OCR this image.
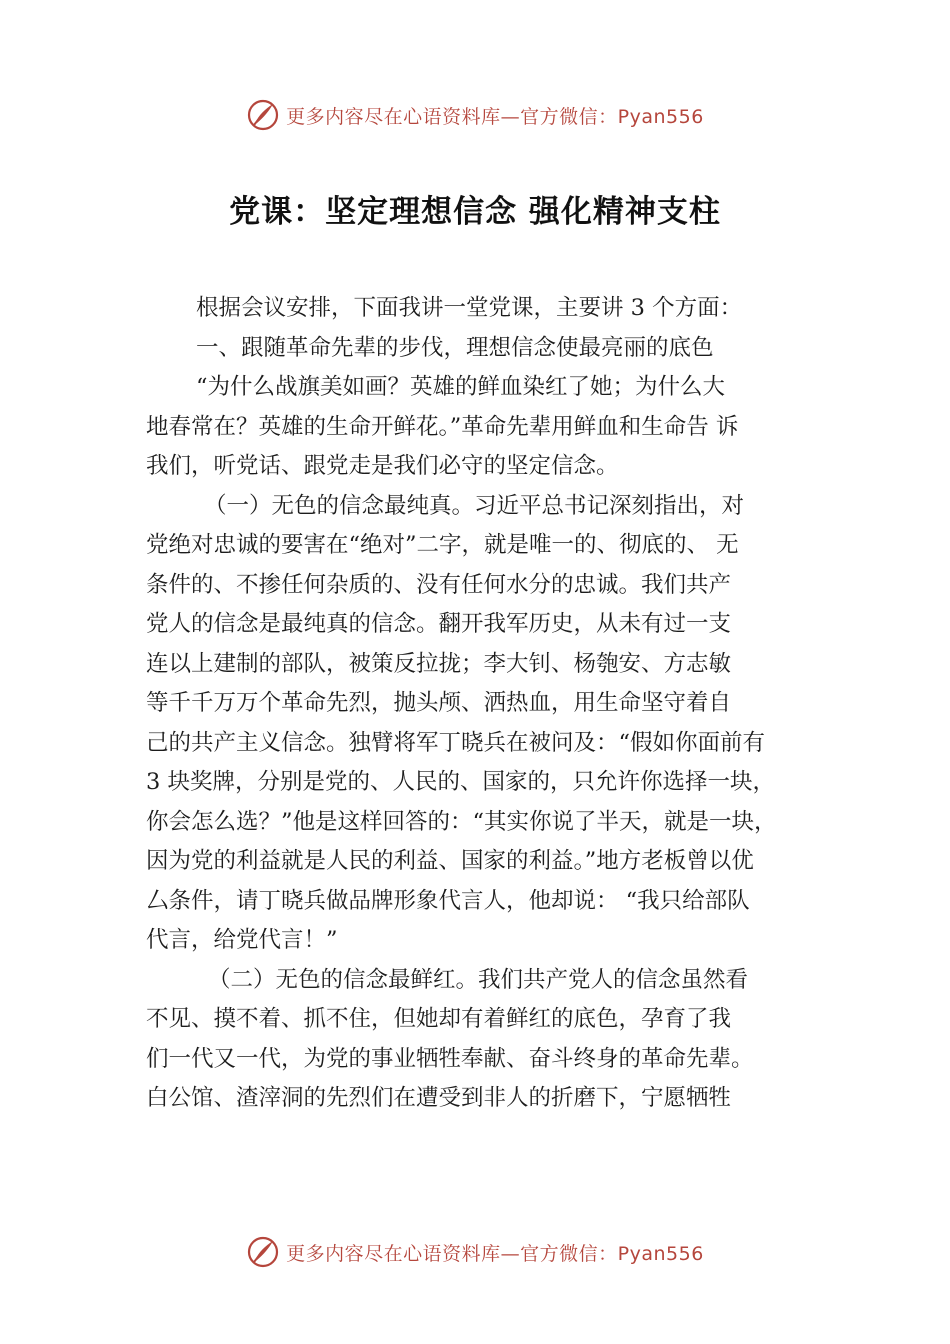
更多内容尽在心语资料库—官方微信：Pyan556
党课：坚定理想信念 强化精神支柱
根据会议安排，下面我讲一堂党课，主要讲 3 个方面：
一、跟随革命先辈的步伐，理想信念使最亮丽的底色
“为什么战旗美如画？英雄的鲜血染红了她；为什么大
地春常在？英雄的生命开鲜花。”革命先辈用鲜血和生命告 诉
我们，听党话、跟党走是我们必守的坚定信念。
（一）无色的信念最纯真。习近平总书记深刻指出，对
党绝对忠诚的要害在“绝对”二字，就是唯一的、彻底的、 无
条件的、不掺任何杂质的、没有任何水分的忠诚。我们共产
党人的信念是最纯真的信念。翻开我军历史，从未有过一支
连以上建制的部队，被策反拉拢；李大钊、杨匏安、方志敏
等千千万万个革命先烈，抛头颅、洒热血，用生命坚守着自
己的共产主义信念。独臂将军丁晓兵在被问及：“假如你面前有
3 块奖牌，分别是党的、人民的、国家的，只允许你选择一块，
你会怎么选？”他是这样回答的：“其实你说了半天，就是一块，
因为党的利益就是人民的利益、国家的利益。”地方老板曾以优
厶条件，请丁晓兵做品牌形象代言人，他却说： “我只给部队
代言，给党代言！”
（二）无色的信念最鲜红。我们共产党人的信念虽然看
不见、摸不着、抓不住，但她却有着鲜红的底色，孕育了我
们一代又一代，为党的事业牺牲奉献、奋斗终身的革命先辈。
白公馆、渣滓洞的先烈们在遭受到非人的折磨下，宁愿牺牲
更多内容尽在心语资料库—官方微信：Pyan556
